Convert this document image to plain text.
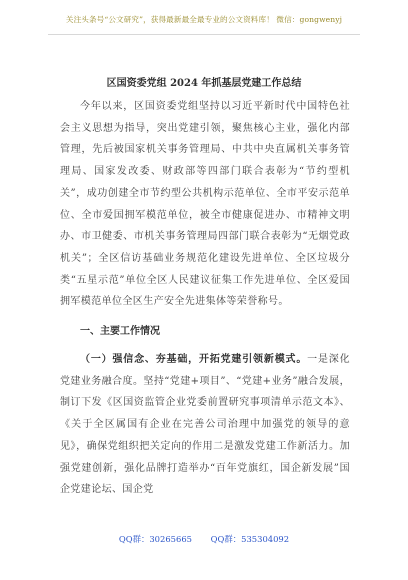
关注头条号“公文研究”，获得最新最全最专业的公文资料库！ 微信：gongwenyj
区国资委党组 2024 年抓基层党建工作总结

今年以来，区国资委党组坚持以习近平新时代中国特色社会主义思想为指导，突出党建引领，聚焦核心主业，强化内部管理，先后被国家机关事务管理局、中共中央直属机关事务管理局、国家发改委、财政部等四部门联合表彰为“节约型机关”，成功创建全市节约型公共机构示范单位、全市平安示范单位、全市爱国拥军模范单位，被全市健康促进办、市精神文明办、市卫健委、市机关事务管理局四部门联合表彰为“无烟党政机关”；全区信访基础业务规范化建设先进单位、全区垃圾分类“五星示范”单位全区人民建议征集工作先进单位、全区爱国拥军模范单位全区生产安全先进集体等荣誉称号。

一、主要工作情况

（一）强信念、夯基础，开拓党建引领新模式。一是深化党建业务融合度。坚持“党建+项目”、“党建+业务”融合发展，制订下发《区国资监管企业党委前置研究事项清单示范文本》、《关于全区属国有企业在完善公司治理中加强党的领导的意见》，确保党组织把关定向的作用二是激发党建工作新活力。加强党建创新，强化品牌打造举办“百年党旗红，国企新发展”国企党建论坛、国企党

QQ群：30265665 QQ群：535304092
